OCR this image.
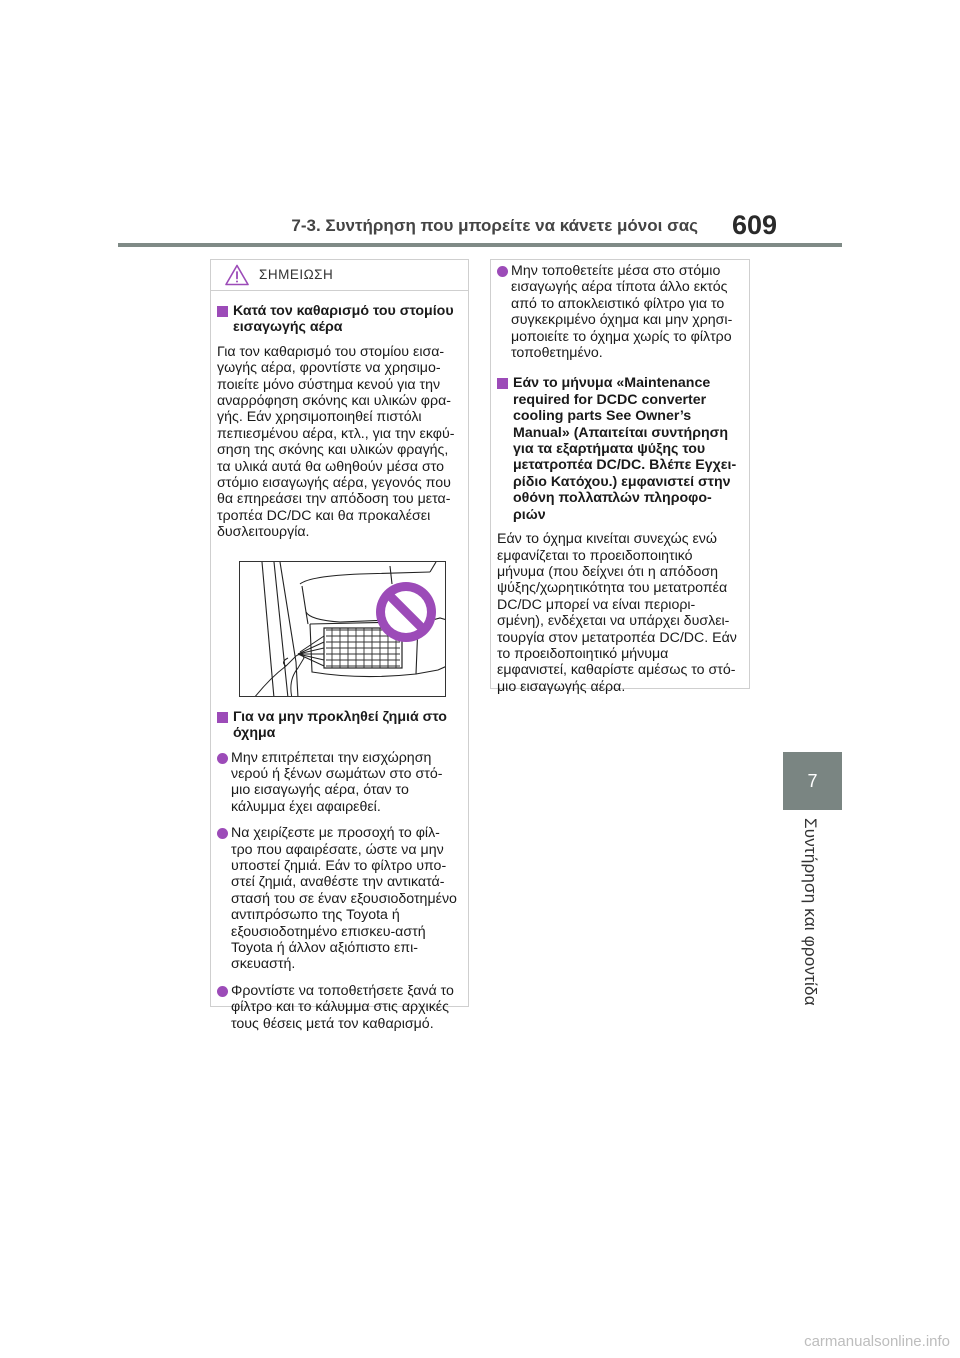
7-3. Συντήρηση που μπορείτε να κάνετε μόνοι σας 609
7
Συντήρηση και φροντίδα
ΣΗΜΕΙΩΣΗ
Κατά τον καθαρισμό του στομίου εισαγωγής αέρα
Για τον καθαρισμό του στομίου εισα-γωγής αέρα, φροντίστε να χρησιμο-ποιείτε μόνο σύστημα κενού για την αναρρόφηση σκόνης και υλικών φρα-γής. Εάν χρησιμοποιηθεί πιστόλι πεπιεσμένου αέρα, κτλ., για την εκφύ-σηση της σκόνης και υλικών φραγής, τα υλικά αυτά θα ωθηθούν μέσα στο στόμιο εισαγωγής αέρα, γεγονός που θα επηρεάσει την απόδοση του μετα-τροπέα DC/DC και θα προκαλέσει δυσλειτουργία.
Για να μην προκληθεί ζημιά στο όχημα
Μην επιτρέπεται την εισχώρηση νερού ή ξένων σωμάτων στο στό-μιο εισαγωγής αέρα, όταν το κάλυμμα έχει αφαιρεθεί.
Να χειρίζεστε με προσοχή το φίλ-τρο που αφαιρέσατε, ώστε να μην υποστεί ζημιά. Εάν το φίλτρο υπο-στεί ζημιά, αναθέστε την αντικατά-στασή του σε έναν εξουσιοδοτημένο αντιπρόσωπο της Toyota ή εξουσιοδοτημένο επισκευ-αστή Toyota ή άλλον αξιόπιστο επι-σκευαστή.
Φροντίστε να τοποθετήσετε ξανά το φίλτρο και το κάλυμμα στις αρχικές τους θέσεις μετά τον καθαρισμό.
Μην τοποθετείτε μέσα στο στόμιο εισαγωγής αέρα τίποτα άλλο εκτός από το αποκλειστικό φίλτρο για το συγκεκριμένο όχημα και μην χρησι-μοποιείτε το όχημα χωρίς το φίλτρο τοποθετημένο.
Εάν το μήνυμα «Maintenance required for DCDC converter cooling parts See Owner’s Manual» (Απαιτείται συντήρηση για τα εξαρτήματα ψύξης του μετατροπέα DC/DC. Βλέπε Εγχει-ρίδιο Κατόχου.) εμφανιστεί στην οθόνη πολλαπλών πληροφο-ριών
Εάν το όχημα κινείται συνεχώς ενώ εμφανίζεται το προειδοποιητικό μήνυμα (που δείχνει ότι η απόδοση ψύξης/χωρητικότητα του μετατροπέα DC/DC μπορεί να είναι περιορι-σμένη), ενδέχεται να υπάρχει δυσλει-τουργία στον μετατροπέα DC/DC. Εάν το προειδοποιητικό μήνυμα εμφανιστεί, καθαρίστε αμέσως το στό-μιο εισαγωγής αέρα.
carmanualsonline.info
